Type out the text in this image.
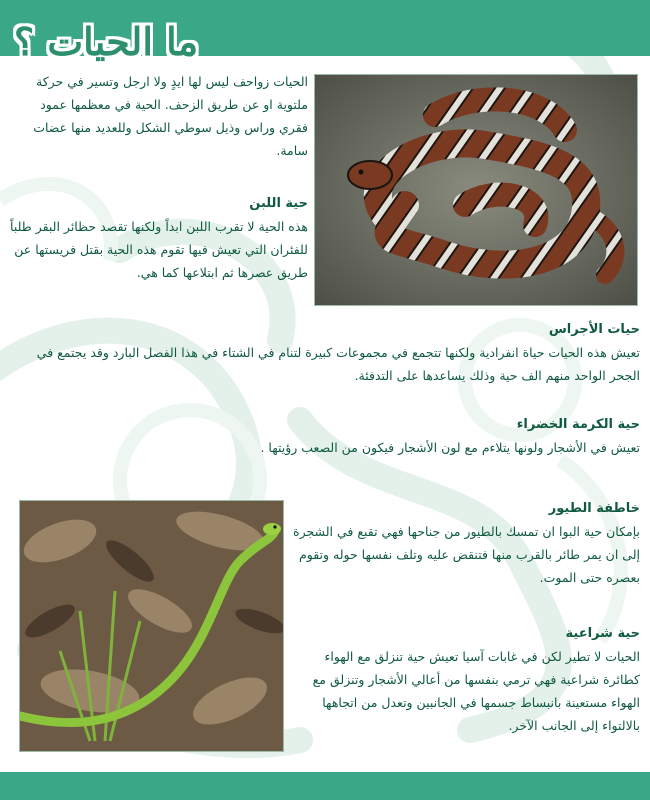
ما الحيات ؟
الحيات زواحف ليس لها ايدٍ ولا ارجل وتسير في حركة ملتوية او عن طريق الزحف. الحية في معظمها عمود فقري وراس وذيل سوطي الشكل وللعديد منها عضات سامة.
حية اللبن
هذه الحية لا تقرب اللبن ابداً ولكنها تقصد حظائر البقر طلباً للفئران التي تعيش فيها تقوم هذه الحية بقتل فريستها عن طريق عصرها ثم ابتلاعها كما هي.
حيات الأجراس
تعيش هذه الحيات حياة انفرادية ولكنها تتجمع في مجموعات كبيرة لتنام في الشتاء في هذا الفصل البارد وقد يجتمع في الجحر الواحد منهم الف حية وذلك يساعدها على التدفئة.
حية الكرمة الخضراء
تعيش في الأشجار ولونها يتلاءم مع لون الأشجار فيكون من الصعب رؤيتها .
خاطفة الطيور
بإمكان حية البوا ان تمسك بالطيور من جناحها فهي تقبع في الشجرة إلى ان يمر طائر بالقرب منها فتنقض عليه وتلف نفسها حوله وتقوم بعصره حتى الموت.
حية شراعية
الحيات لا تطير لكن في غابات آسيا تعيش حية تنزلق مع الهواء كطائرة شراعية فهي ترمي بنفسها من أعالي الأشجار وتنزلق مع الهواء مستعينة بانبساط جسمها في الجانبين وتعدل من اتجاهها بالالتواء إلى الجانب الآخر.
